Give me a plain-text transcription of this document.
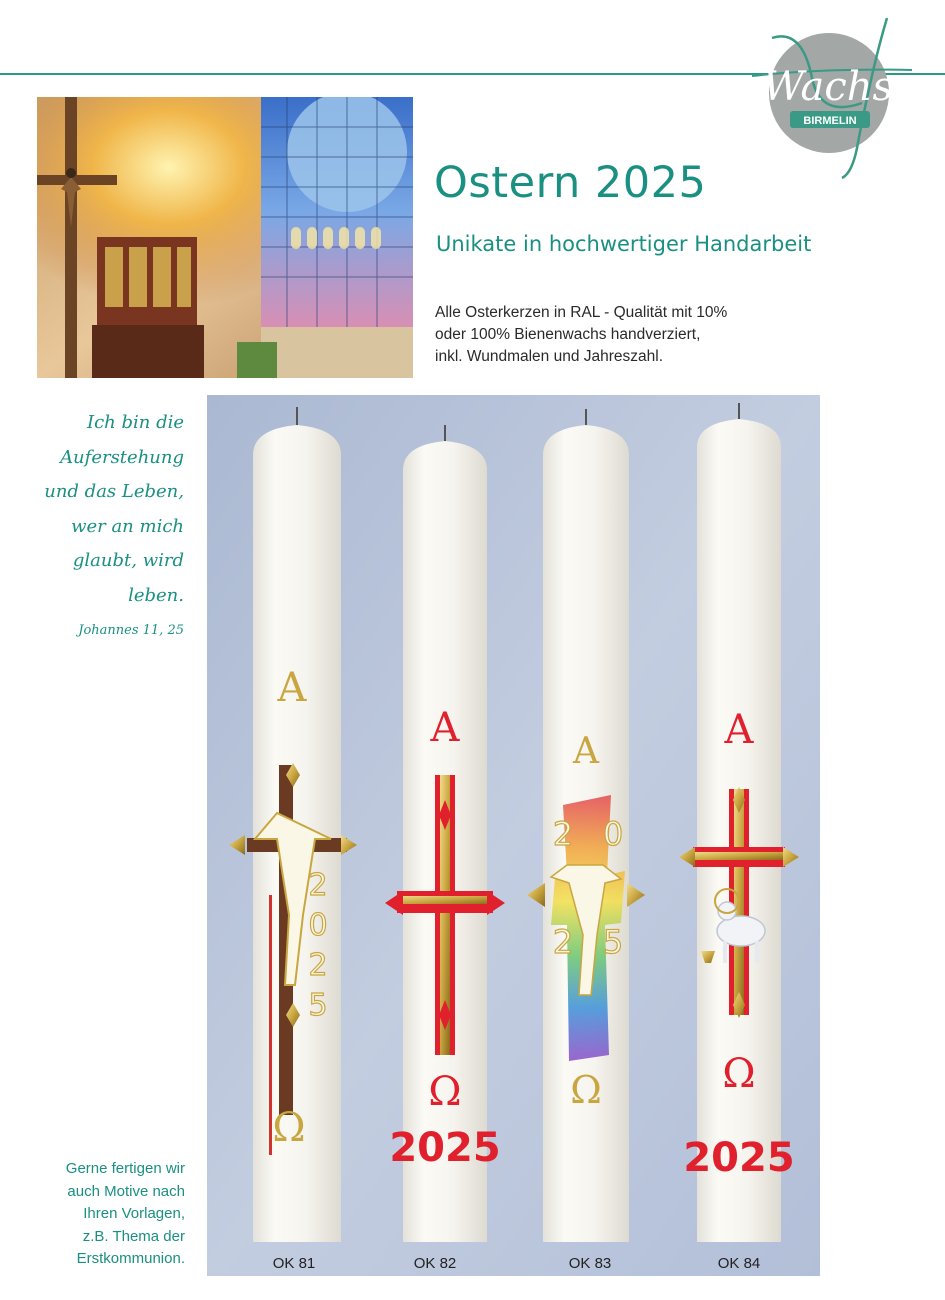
Wachs
BIRMELIN
Ostern 2025
Unikate in hochwertiger Handarbeit

Alle Osterkerzen in RAL - Qualität mit 10%
oder 100% Bienenwachs handverziert,
inkl. Wundmalen und Jahreszahl.

Ich bin die
Auferstehung
und das Leben,
wer an mich
glaubt, wird
leben.
Johannes 11, 25
Gerne fertigen wir
auch Motive nach
Ihren Vorlagen,
z.B. Thema der
Erstkommunion.
A
2
0
2
5
Ω
A
Ω
2025
A
2 0
2 5
Ω
A
Ω
2025
OK 81	OK 82	OK 83	OK 84
